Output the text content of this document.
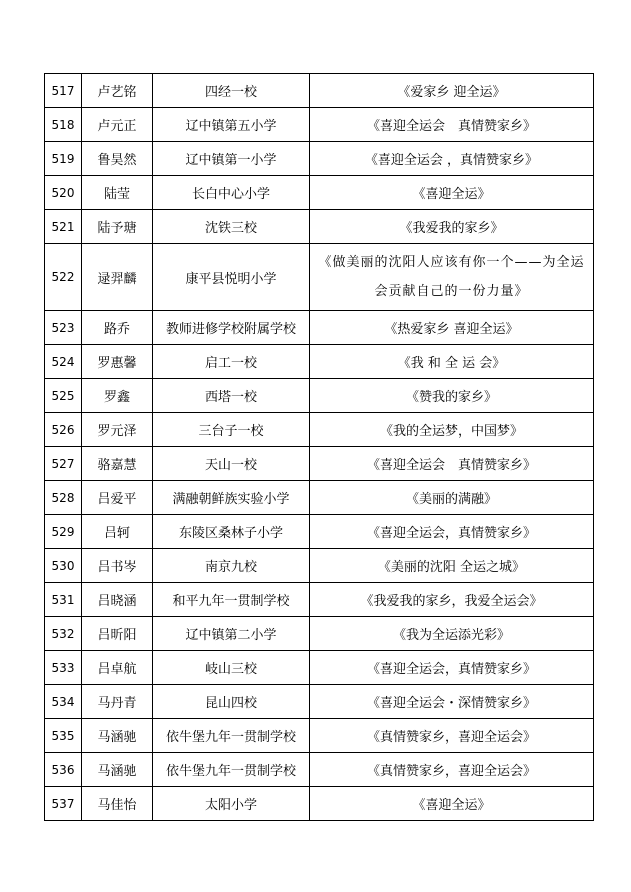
517	卢艺铭	四经一校	《爱家乡 迎全运》
518	卢元正	辽中镇第五小学	《喜迎全运会　真情赞家乡》
519	鲁昊然	辽中镇第一小学	《喜迎全运会 ，真情赞家乡》
520	陆莹	长白中心小学	《喜迎全运》
521	陆予瑭	沈铁三校	《我爱我的家乡》
522	逯羿麟	康平县悦明小学	《做美丽的沈阳人应该有你一个——为全运会贡献自己的一份力量》
523	路乔	教师进修学校附属学校	《热爱家乡 喜迎全运》
524	罗惠馨	启工一校	《我 和 全 运 会》
525	罗鑫	西塔一校	《赞我的家乡》
526	罗元泽	三台子一校	《我的全运梦，中国梦》
527	骆嘉慧	天山一校	《喜迎全运会　真情赞家乡》
528	吕爱平	满融朝鲜族实验小学	《美丽的满融》
529	吕轲	东陵区桑林子小学	《喜迎全运会，真情赞家乡》
530	吕书岑	南京九校	《美丽的沈阳 全运之城》
531	吕晓涵	和平九年一贯制学校	《我爱我的家乡，我爱全运会》
532	吕昕阳	辽中镇第二小学	《我为全运添光彩》
533	吕卓航	岐山三校	《喜迎全运会，真情赞家乡》
534	马丹青	昆山四校	《喜迎全运会・深情赞家乡》
535	马涵驰	依牛堡九年一贯制学校	《真情赞家乡，喜迎全运会》
536	马涵驰	依牛堡九年一贯制学校	《真情赞家乡，喜迎全运会》
537	马佳怡	太阳小学	《喜迎全运》
